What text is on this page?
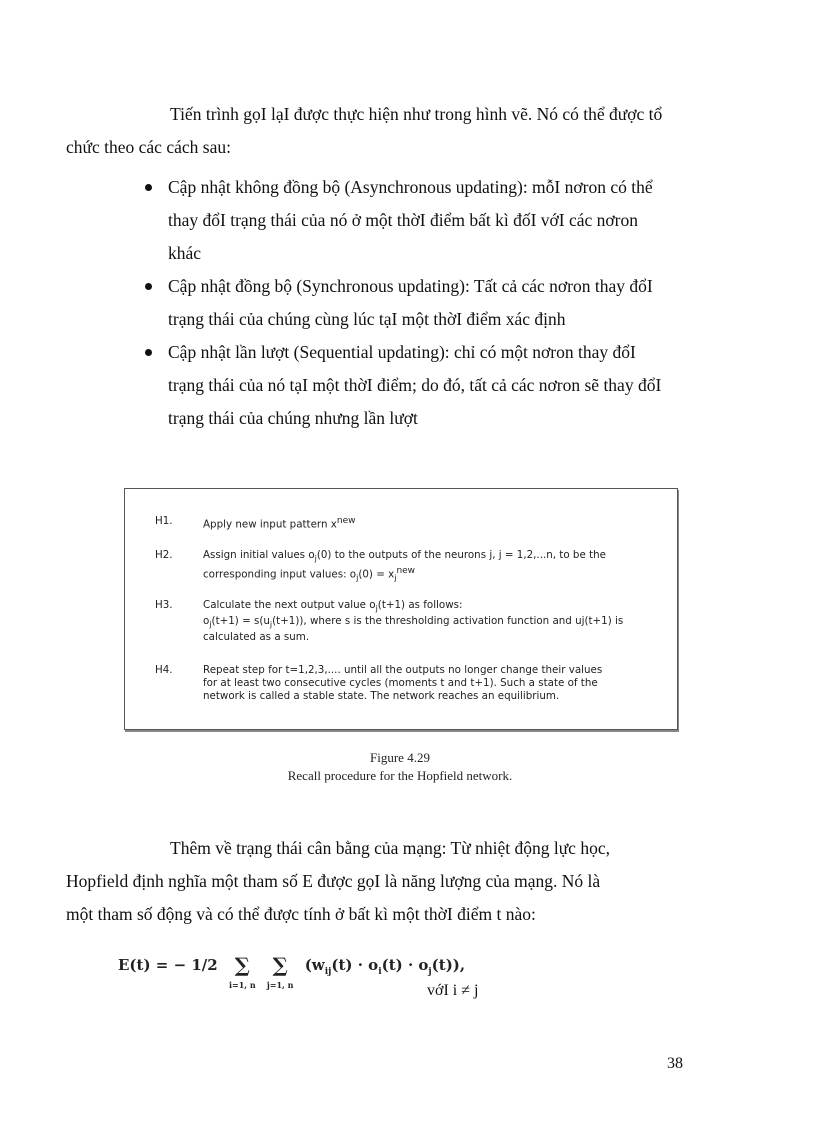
Tiến trình gọI lạI được thực hiện như trong hình vẽ. Nó có thể được tổ
chức theo các cách sau:

Cập nhật không đồng bộ (Asynchronous updating): mỗI nơron có thể
thay đổI trạng thái của nó ở một thờI điểm bất kì đốI vớI các nơron
khác
Cập nhật đồng bộ (Synchronous updating): Tất cả các nơron thay đổI
trạng thái của chúng cùng lúc tạI một thờI điểm xác định
Cập nhật lần lượt (Sequential updating): chỉ có một nơron thay đổI
trạng thái của nó tạI một thờI điểm; do đó, tất cả các nơron sẽ thay đổI
trạng thái của chúng nhưng lần lượt
H1.	Apply new input pattern $x^{new}$
H2.	Assign initial values $o_j(0)$ to the outputs of the neurons j, j = 1,2,...n, to be the
corresponding input values: $o_j(0) = x_j^{new}$
H3.	Calculate the next output value $o_j(t+1)$ as follows:
$o_j(t+1) = s(u_j(t+1))$, where s is the thresholding activation function and uj(t+1) is
calculated as a sum.
H4.	Repeat step for t=1,2,3,.... until all the outputs no longer change their values
for at least two consecutive cycles (moments t and t+1). Such a state of the
network is called a stable state. The network reaches an equilibrium.
Figure 4.29
Recall procedure for the Hopfield network.

Thêm về trạng thái cân bằng của mạng: Từ nhiệt động lực học,
Hopfield định nghĩa một tham số E được gọI là năng lượng của mạng. Nó là
một tham số động và có thể được tính ở bất kì một thờI điểm t nào:

E(t) = − 1/2 ∑
i=1, n
∑
j=1, n $(w_{ij}(t) \cdot o_i(t) \cdot o_j(t))$,
vớI i ≠ j
38
